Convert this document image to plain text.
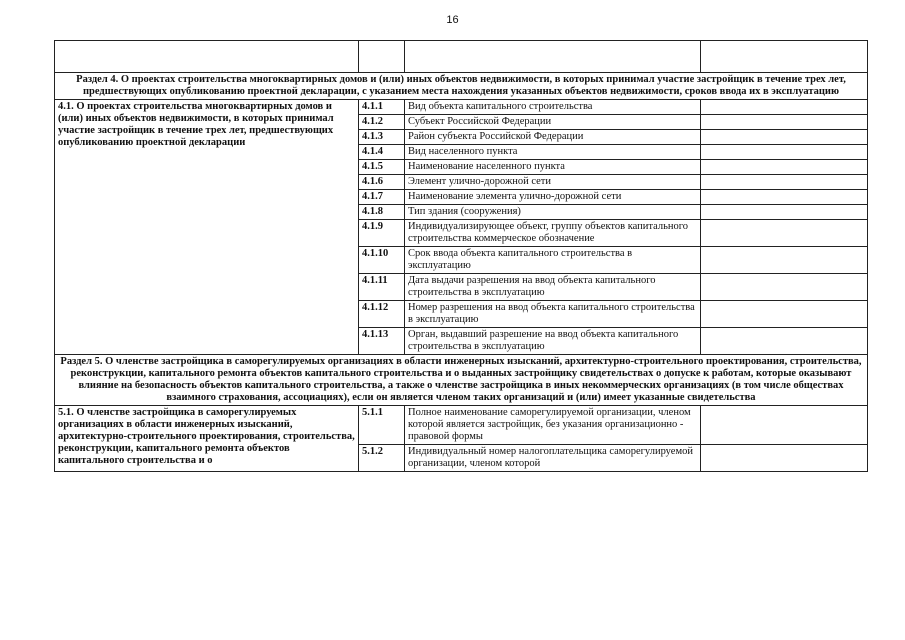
16

Раздел 4. О проектах строительства многоквартирных домов и (или) иных объектов недвижимости, в которых принимал участие застройщик в течение трех лет, предшествующих опубликованию проектной декларации, с указанием места нахождения указанных объектов недвижимости, сроков ввода их в эксплуатацию			
4.1. О проектах строительства многоквартирных домов и (или) иных объектов недвижимости, в которых принимал участие застройщик в течение трех лет, предшествующих опубликованию проектной декларации	4.1.1	Вид объекта капитального строительства	
	4.1.2	Субъект Российской Федерации	
	4.1.3	Район субъекта Российской Федерации	
	4.1.4	Вид населенного пункта	
	4.1.5	Наименование населенного пункта	
	4.1.6	Элемент улично-дорожной сети	
	4.1.7	Наименование элемента улично-дорожной сети	
	4.1.8	Тип здания (сооружения)	
	4.1.9	Индивидуализирующее объект, группу объектов капитального строительства коммерческое обозначение	
	4.1.10	Срок ввода объекта капитального строительства в эксплуатацию	
	4.1.11	Дата выдачи разрешения на ввод объекта капитального строительства в эксплуатацию	
	4.1.12	Номер разрешения на ввод объекта капитального строительства в эксплуатацию	
	4.1.13	Орган, выдавший разрешение на ввод объекта капитального строительства в эксплуатацию	
Раздел 5. О членстве застройщика в саморегулируемых организациях в области инженерных изысканий, архитектурно-строительного проектирования, строительства, реконструкции, капитального ремонта объектов капитального строительства и о выданных застройщику свидетельствах о допуске к работам, которые оказывают влияние на безопасность объектов капитального строительства, а также о членстве застройщика в иных некоммерческих организациях (в том числе обществах взаимного страхования, ассоциациях), если он является членом таких организаций и (или) имеет указанные свидетельства			
5.1. О членстве застройщика в саморегулируемых организациях в области инженерных изысканий, архитектурно-строительного проектирования, строительства, реконструкции, капитального ремонта объектов капитального строительства и о	5.1.1	Полное наименование саморегулируемой организации, членом которой является застройщик, без указания организационно - правовой формы	
	5.1.2	Индивидуальный номер налогоплательщика саморегулируемой организации, членом которой	
